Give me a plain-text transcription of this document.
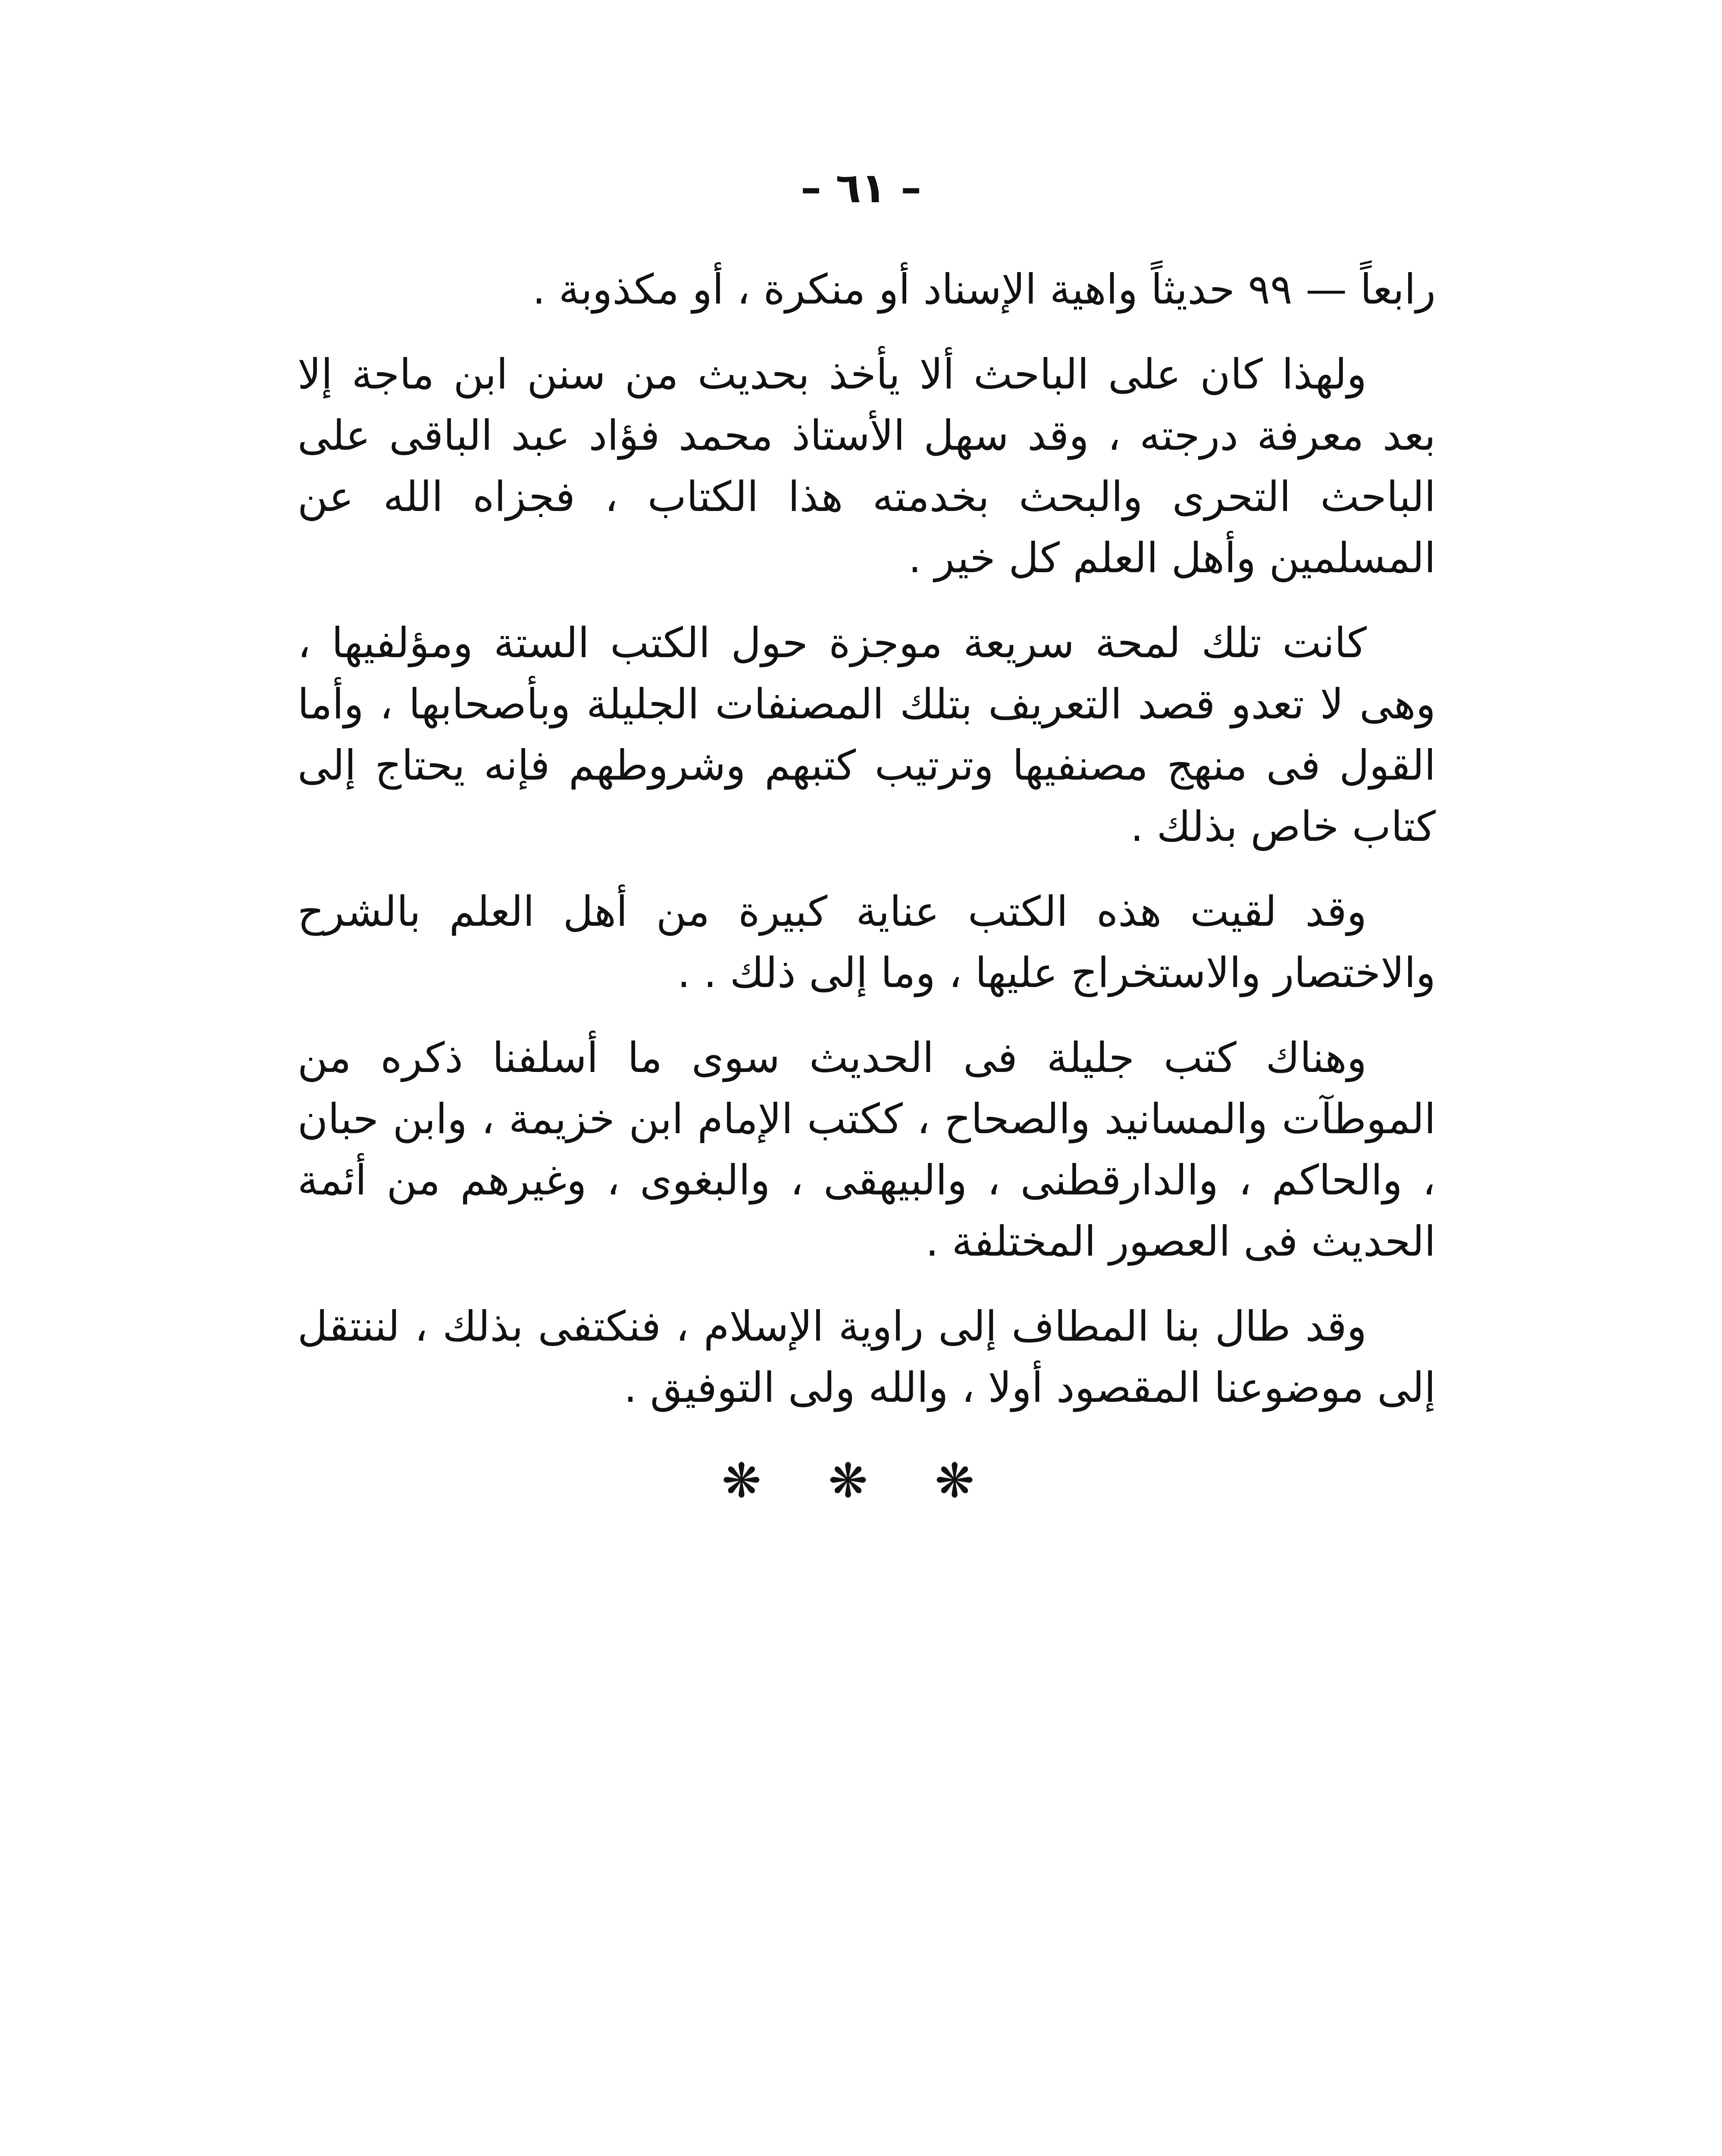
– ٦١ –

رابعاً — ٩٩ حديثاً واهية الإسناد أو منكرة ، أو مكذوبة .

ولهذا كان على الباحث ألا يأخذ بحديث من سنن ابن ماجة إلا بعد معرفة درجته ، وقد سهل الأستاذ محمد فؤاد عبد الباقى على الباحث التحرى والبحث بخدمته هذا الكتاب ، فجزاه الله عن المسلمين وأهل العلم كل خير .

كانت تلك لمحة سريعة موجزة حول الكتب الستة ومؤلفيها ، وهى لا تعدو قصد التعريف بتلك المصنفات الجليلة وبأصحابها ، وأما القول فى منهج مصنفيها وترتيب كتبهم وشروطهم فإنه يحتاج إلى كتاب خاص بذلك .

وقد لقيت هذه الكتب عناية كبيرة من أهل العلم بالشرح والاختصار والاستخراج عليها ، وما إلى ذلك . .

وهناك كتب جليلة فى الحديث سوى ما أسلفنا ذكره من الموطآت والمسانيد والصحاح ، ككتب الإمام ابن خزيمة ، وابن حبان ، والحاكم ، والدارقطنى ، والبيهقى ، والبغوى ، وغيرهم من أئمة الحديث فى العصور المختلفة .

وقد طال بنا المطاف إلى راوية الإسلام ، فنكتفى بذلك ، لننتقل إلى موضوعنا المقصود أولا ، والله ولى التوفيق .

❋ ❋ ❋
